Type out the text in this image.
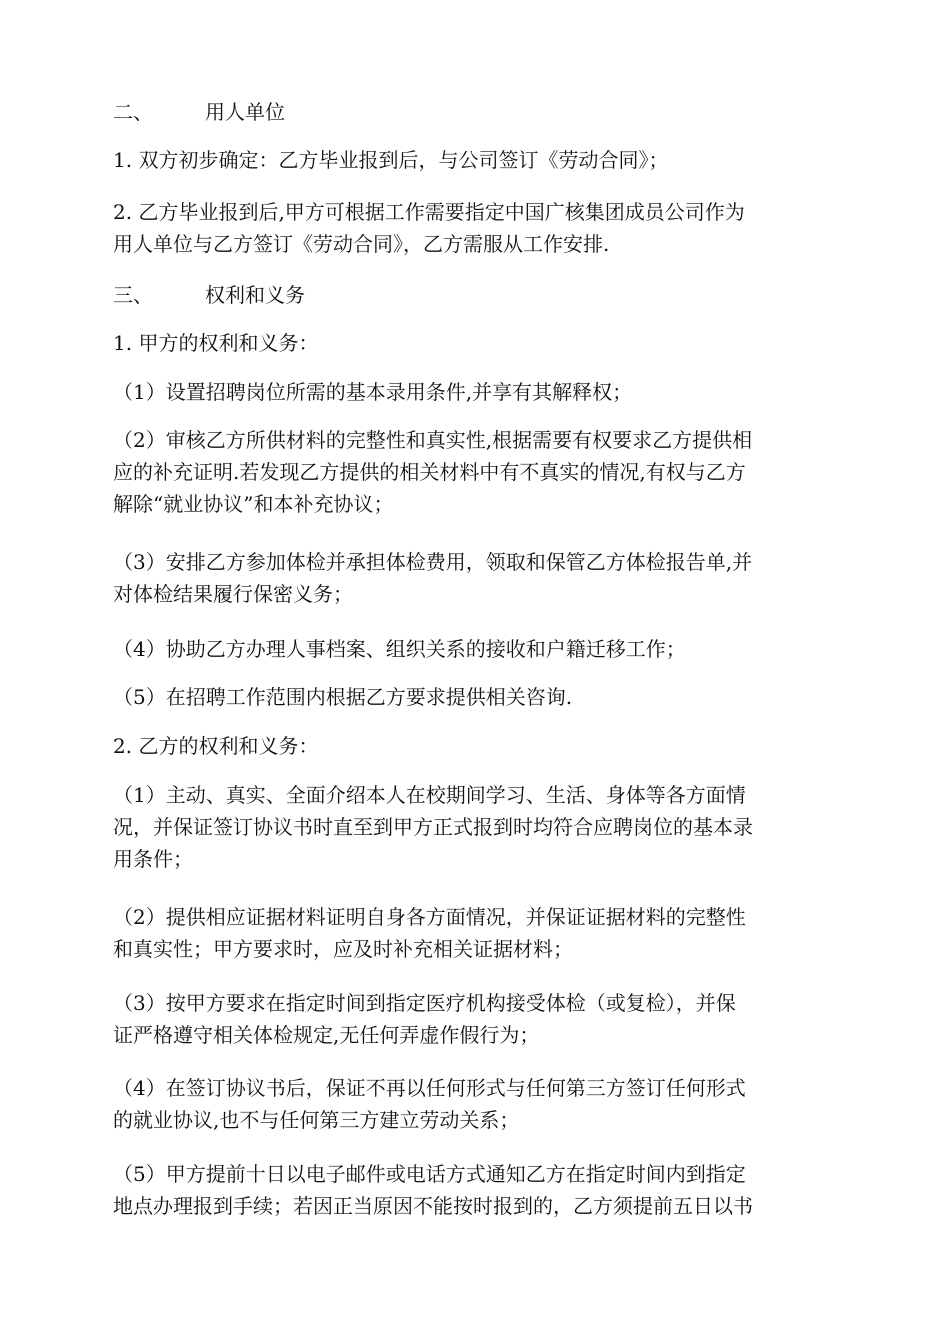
二、	用人单位
1. 双方初步确定：乙方毕业报到后，与公司签订《劳动合同》；
2. 乙方毕业报到后,甲方可根据工作需要指定中国广核集团成员公司作为
用人单位与乙方签订《劳动合同》，乙方需服从工作安排.
三、	权利和义务
1. 甲方的权利和义务：
（1）设置招聘岗位所需的基本录用条件,并享有其解释权；
（2）审核乙方所供材料的完整性和真实性,根据需要有权要求乙方提供相
应的补充证明.若发现乙方提供的相关材料中有不真实的情况,有权与乙方
解除“就业协议”和本补充协议；
（3）安排乙方参加体检并承担体检费用，领取和保管乙方体检报告单,并
对体检结果履行保密义务；
（4）协助乙方办理人事档案、组织关系的接收和户籍迁移工作；
（5）在招聘工作范围内根据乙方要求提供相关咨询.
2. 乙方的权利和义务：
（1）主动、真实、全面介绍本人在校期间学习、生活、身体等各方面情
况，并保证签订协议书时直至到甲方正式报到时均符合应聘岗位的基本录
用条件；
（2）提供相应证据材料证明自身各方面情况，并保证证据材料的完整性
和真实性；甲方要求时，应及时补充相关证据材料；
（3）按甲方要求在指定时间到指定医疗机构接受体检（或复检），并保
证严格遵守相关体检规定,无任何弄虚作假行为；
（4）在签订协议书后，保证不再以任何形式与任何第三方签订任何形式
的就业协议,也不与任何第三方建立劳动关系；
（5）甲方提前十日以电子邮件或电话方式通知乙方在指定时间内到指定
地点办理报到手续；若因正当原因不能按时报到的，乙方须提前五日以书
